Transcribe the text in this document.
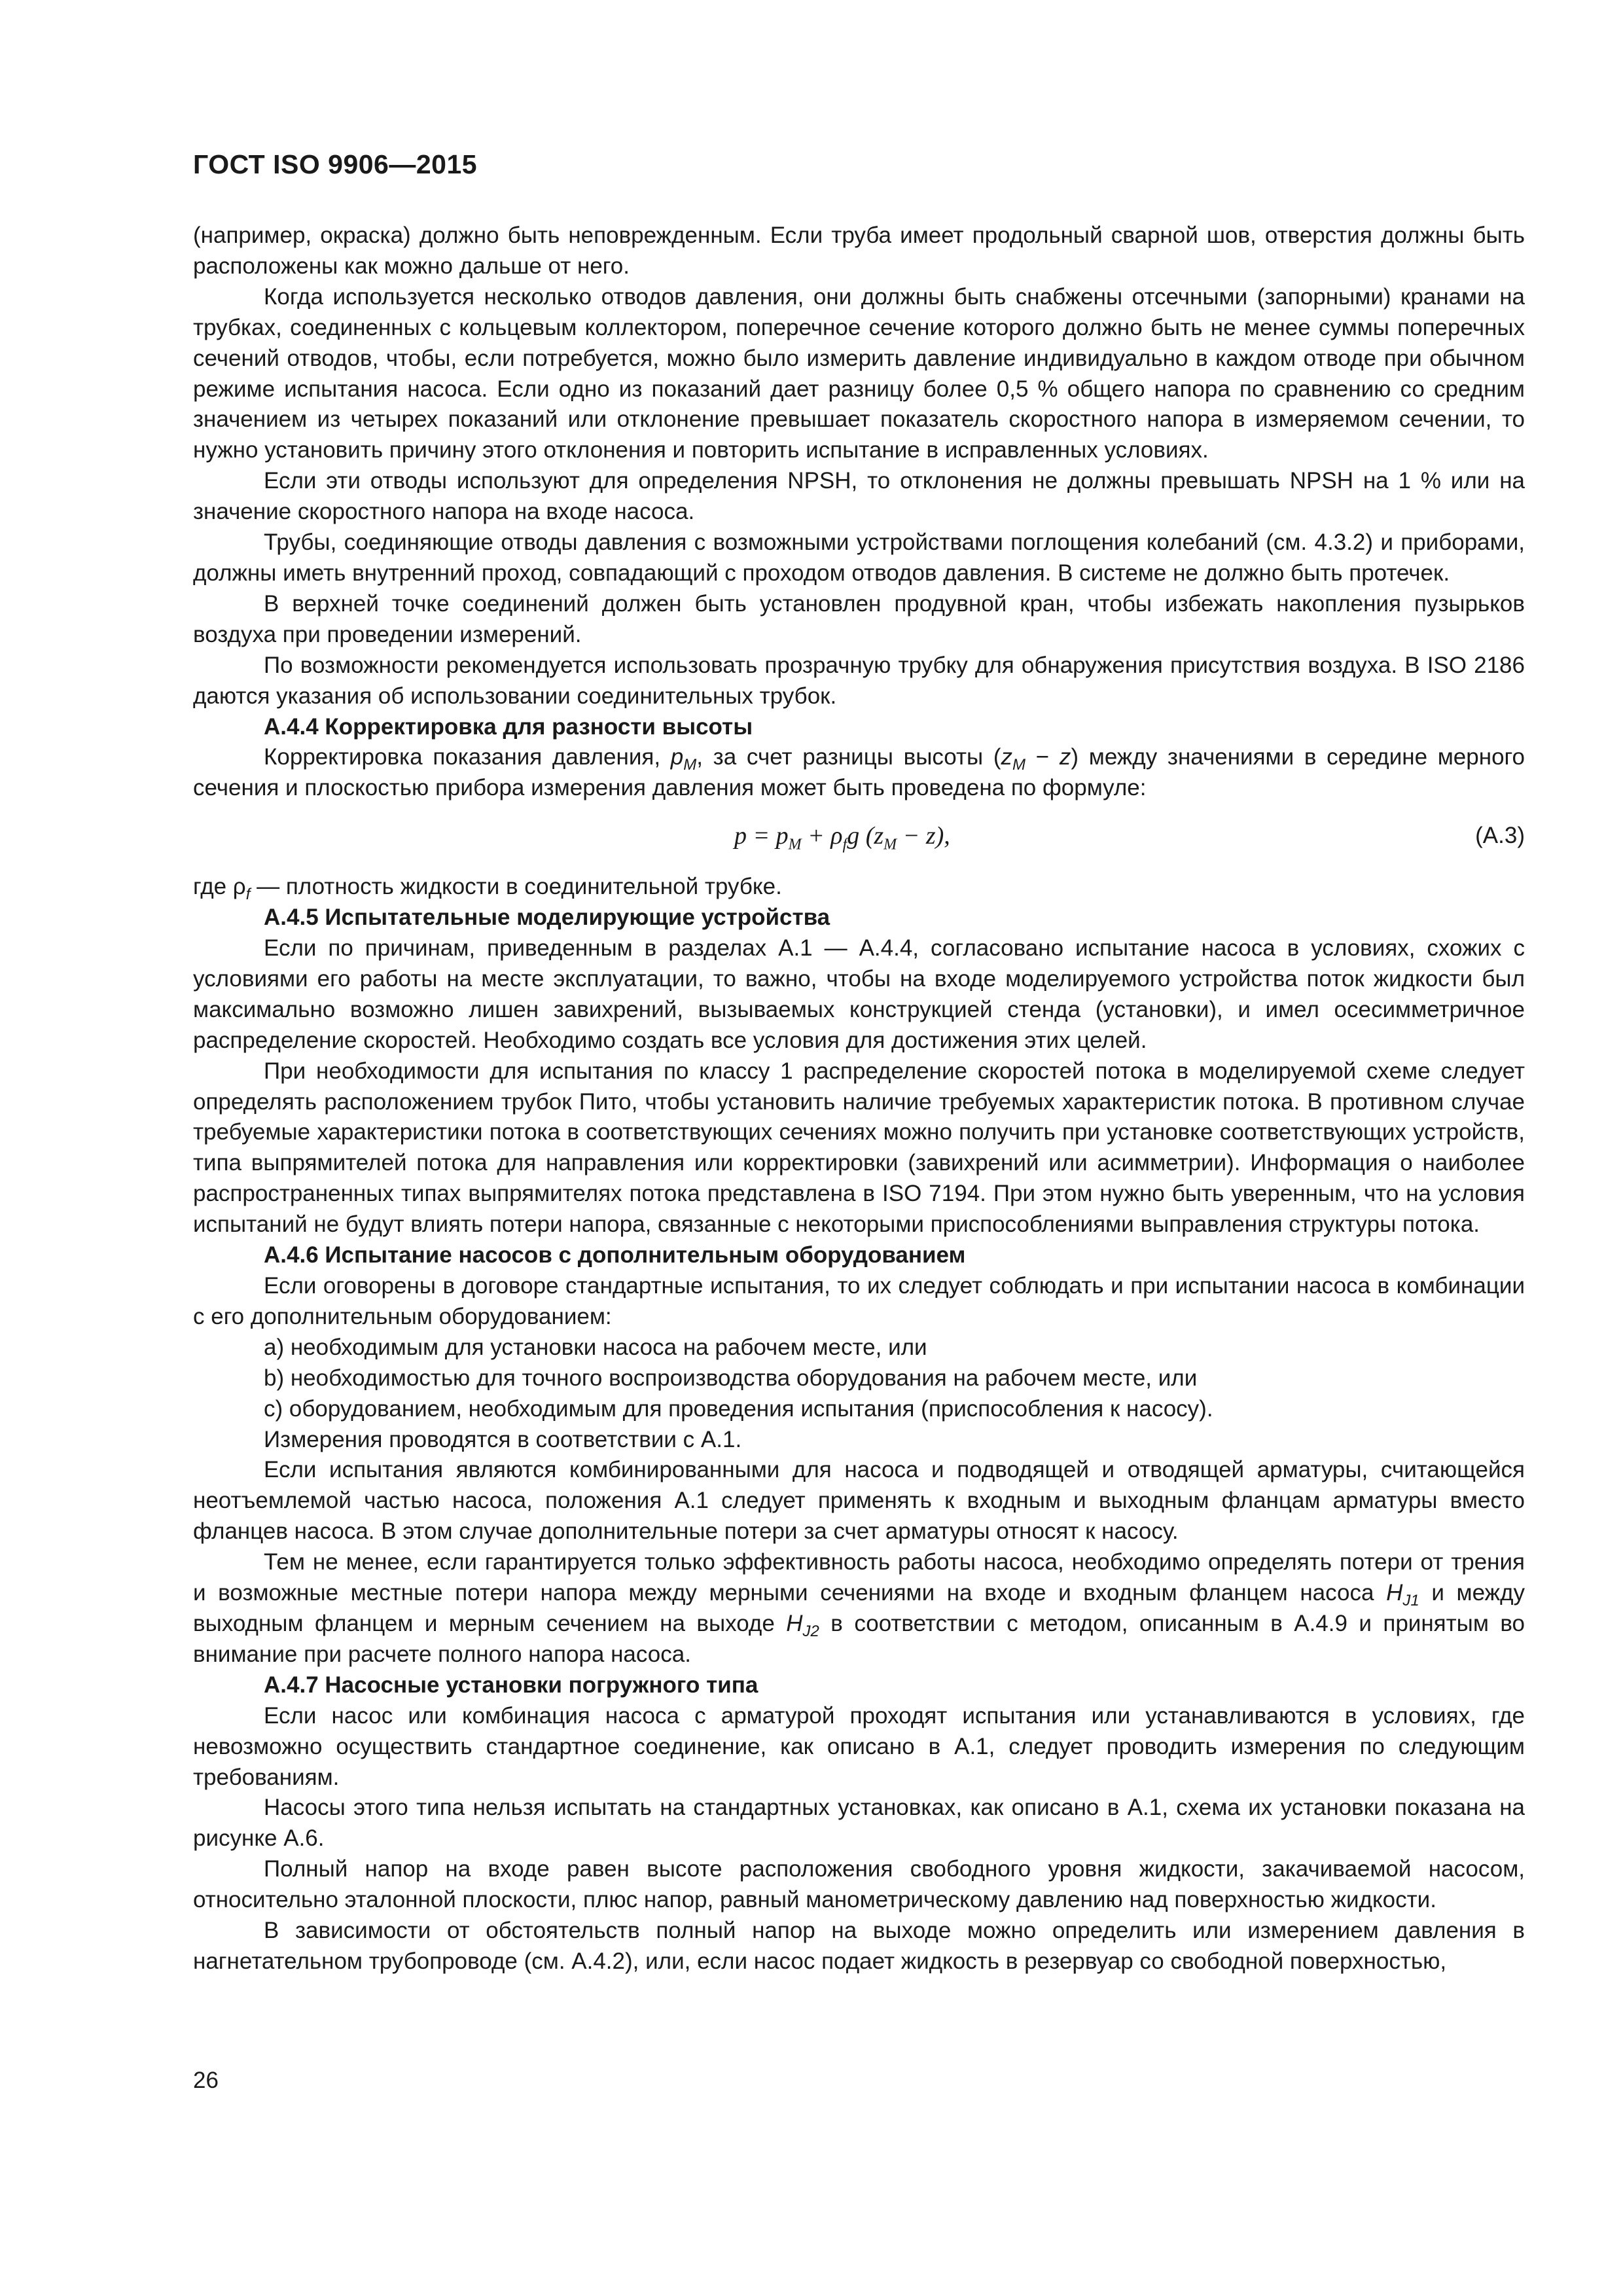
ГОСТ ISO 9906—2015

(например, окраска) должно быть неповрежденным. Если труба имеет продольный сварной шов, отверстия должны быть расположены как можно дальше от него.

Когда используется несколько отводов давления, они должны быть снабжены отсечными (запорными) кранами на трубках, соединенных с кольцевым коллектором, поперечное сечение которого должно быть не менее суммы поперечных сечений отводов, чтобы, если потребуется, можно было измерить давление индивидуально в каждом отводе при обычном режиме испытания насоса. Если одно из показаний дает разницу более 0,5 % общего напора по сравнению со средним значением из четырех показаний или отклонение превышает показатель скоростного напора в измеряемом сечении, то нужно установить причину этого отклонения и повторить испытание в исправленных условиях.

Если эти отводы используют для определения NPSH, то отклонения не должны превышать NPSH на 1 % или на значение скоростного напора на входе насоса.

Трубы, соединяющие отводы давления с возможными устройствами поглощения колебаний (см. 4.3.2) и приборами, должны иметь внутренний проход, совпадающий с проходом отводов давления. В системе не должно быть протечек.

В верхней точке соединений должен быть установлен продувной кран, чтобы избежать накопления пузырьков воздуха при проведении измерений.

По возможности рекомендуется использовать прозрачную трубку для обнаружения присутствия воздуха. В ISO 2186 даются указания об использовании соединительных трубок.

А.4.4 Корректировка для разности высоты

Корректировка показания давления, $p_M$, за счет разницы высоты $(z_M - z)$ между значениями в середине мерного сечения и плоскостью прибора измерения давления может быть проведена по формуле:

$p = p_M + \rho_fg$ $(z_M - z)$,	(А.3)

где $\rho_f$ — плотность жидкости в соединительной трубке.

А.4.5 Испытательные моделирующие устройства

Если по причинам, приведенным в разделах А.1 — А.4.4, согласовано испытание насоса в условиях, схожих с условиями его работы на месте эксплуатации, то важно, чтобы на входе моделируемого устройства поток жидкости был максимально возможно лишен завихрений, вызываемых конструкцией стенда (установки), и имел осесимметричное распределение скоростей. Необходимо создать все условия для достижения этих целей.

При необходимости для испытания по классу 1 распределение скоростей потока в моделируемой схеме следует определять расположением трубок Пито, чтобы установить наличие требуемых характеристик потока. В противном случае требуемые характеристики потока в соответствующих сечениях можно получить при установке соответствующих устройств, типа выпрямителей потока для направления или корректировки (завихрений или асимметрии). Информация о наиболее распространенных типах выпрямителях потока представлена в ISO 7194. При этом нужно быть уверенным, что на условия испытаний не будут влиять потери напора, связанные с некоторыми приспособлениями выправления структуры потока.

А.4.6 Испытание насосов с дополнительным оборудованием

Если оговорены в договоре стандартные испытания, то их следует соблюдать и при испытании насоса в комбинации с его дополнительным оборудованием:

а) необходимым для установки насоса на рабочем месте, или

b) необходимостью для точного воспроизводства оборудования на рабочем месте, или

с) оборудованием, необходимым для проведения испытания (приспособления к насосу).

Измерения проводятся в соответствии с А.1.

Если испытания являются комбинированными для насоса и подводящей и отводящей арматуры, считающейся неотъемлемой частью насоса, положения А.1 следует применять к входным и выходным фланцам арматуры вместо фланцев насоса. В этом случае дополнительные потери за счет арматуры относят к насосу.

Тем не менее, если гарантируется только эффективность работы насоса, необходимо определять потери от трения и возможные местные потери напора между мерными сечениями на входе и входным фланцем насоса $H_{J1}$ и между выходным фланцем и мерным сечением на выходе $H_{J2}$ в соответствии с методом, описанным в А.4.9 и принятым во внимание при расчете полного напора насоса.

А.4.7 Насосные установки погружного типа

Если насос или комбинация насоса с арматурой проходят испытания или устанавливаются в условиях, где невозможно осуществить стандартное соединение, как описано в А.1, следует проводить измерения по следующим требованиям.

Насосы этого типа нельзя испытать на стандартных установках, как описано в А.1, схема их установки показана на рисунке А.6.

Полный напор на входе равен высоте расположения свободного уровня жидкости, закачиваемой насосом, относительно эталонной плоскости, плюс напор, равный манометрическому давлению над поверхностью жидкости.

В зависимости от обстоятельств полный напор на выходе можно определить или измерением давления в нагнетательном трубопроводе (см. А.4.2), или, если насос подает жидкость в резервуар со свободной поверхностью,

26
